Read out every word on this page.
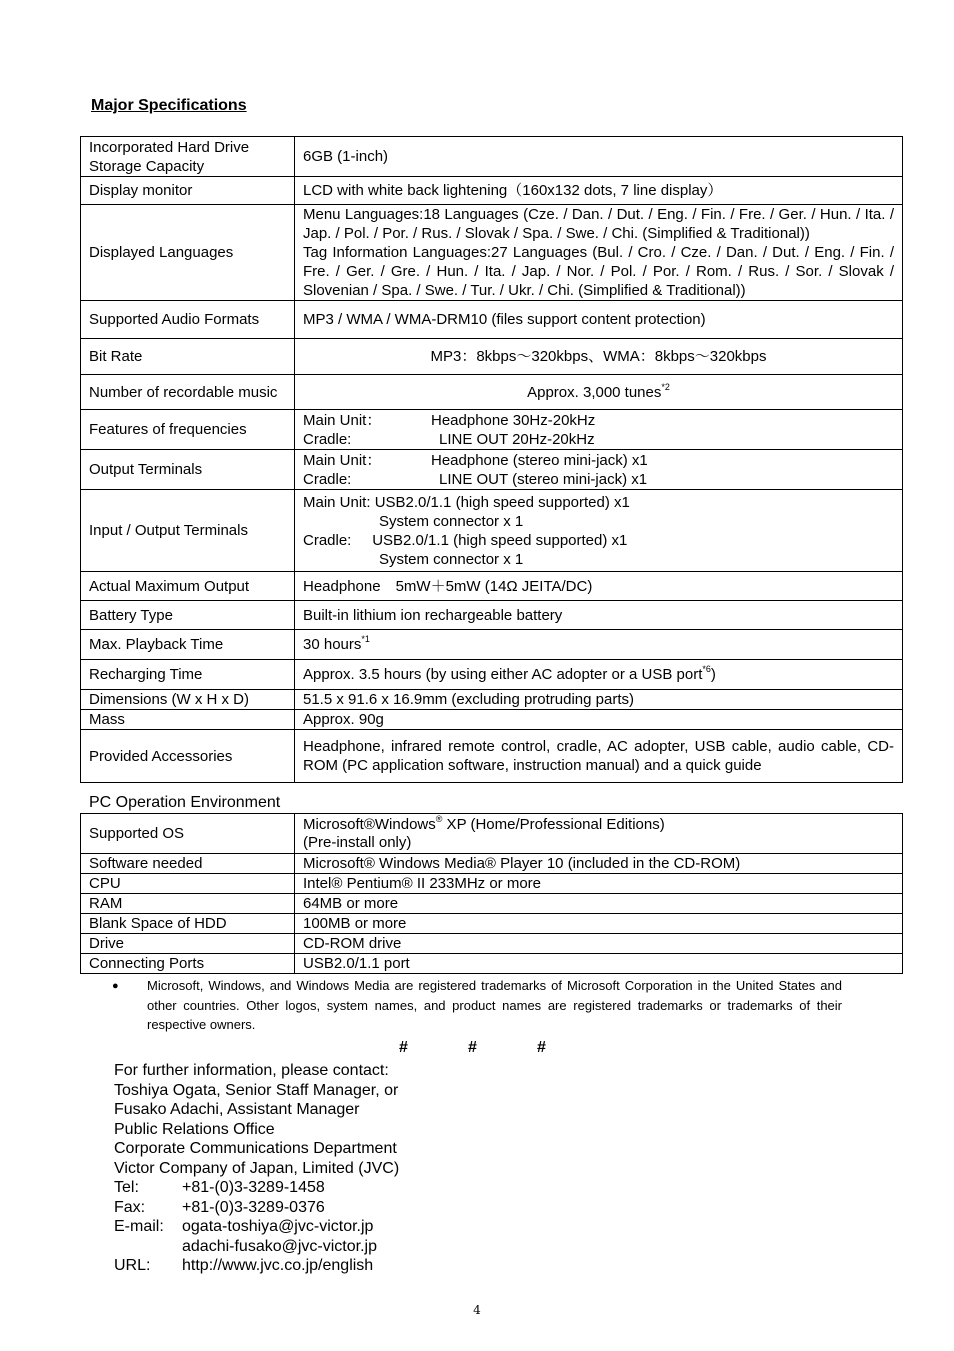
Major Specifications
Incorporated Hard Drive Storage Capacity	6GB (1-inch)
Display monitor	LCD with white back lightening（160x132 dots, 7 line display）
Displayed Languages	Menu Languages:18 Languages (Cze. / Dan. / Dut. / Eng. / Fin. / Fre. / Ger. / Hun. / Ita. / Jap. / Pol. / Por. / Rus. / Slovak / Spa. / Swe. / Chi. (Simplified & Traditional))
Tag Information Languages:27 Languages (Bul. / Cro. / Cze. / Dan. / Dut. / Eng. / Fin. / Fre. / Ger. / Gre. / Hun. / Ita. / Jap. / Nor. / Pol. / Por. / Rom. / Rus. / Sor. / Slovak / Slovenian / Spa. / Swe. / Tur. / Ukr. / Chi. (Simplified & Traditional))

Supported Audio Formats	MP3 / WMA / WMA-DRM10 (files support content protection)
Bit Rate	MP3：8kbps～320kbps、WMA：8kbps～320kbps
Number of recordable music	Approx. 3,000 tunes$^{*2}$
Features of frequencies	Main Unit： Headphone 30Hz-20kHz
Cradle: LINE OUT 20Hz-20kHz

Output Terminals	Main Unit： Headphone (stereo mini-jack) x1
Cradle: LINE OUT (stereo mini-jack) x1

Input / Output Terminals	Main Unit: USB2.0/1.1 (high speed supported) x1
System connector x 1
Cradle:     USB2.0/1.1 (high speed supported) x1
System connector x 1

Actual Maximum Output	Headphone　5mW＋5mW (14Ω JEITA/DC)
Battery Type	Built-in lithium ion rechargeable battery
Max. Playback Time	30 hours$^{*1}$
Recharging Time	Approx. 3.5 hours (by using either AC adopter or a USB port$^{*6}$)
Dimensions (W x H x D)	51.5 x 91.6 x 16.9mm (excluding protruding parts)
Mass	Approx. 90g
Provided Accessories	Headphone, infrared remote control, cradle, AC adopter, USB cable, audio cable, CD-ROM (PC application software, instruction manual) and a quick guide
PC Operation Environment
Supported OS	Microsoft®Windows® XP (Home/Professional Editions)
(Pre-install only)

Software needed	Microsoft® Windows Media® Player 10 (included in the CD-ROM)
CPU	Intel® Pentium® II 233MHz or more
RAM	64MB or more
Blank Space of HDD	100MB or more
Drive	CD-ROM drive
Connecting Ports	USB2.0/1.1 port
●	Microsoft, Windows, and Windows Media are registered trademarks of Microsoft Corporation in the United States and other countries. Other logos, system names, and product names are registered trademarks or trademarks of their respective owners.
#	#	#
For further information, please contact:
Toshiya Ogata, Senior Staff Manager, or
Fusako Adachi, Assistant Manager
Public Relations Office
Corporate Communications Department
Victor Company of Japan, Limited (JVC)
Tel:	+81-(0)3-3289-1458
Fax:	+81-(0)3-3289-0376
E-mail:	ogata-toshiya@jvc-victor.jp
adachi-fusako@jvc-victor.jp
URL:	http://www.jvc.co.jp/english
4
